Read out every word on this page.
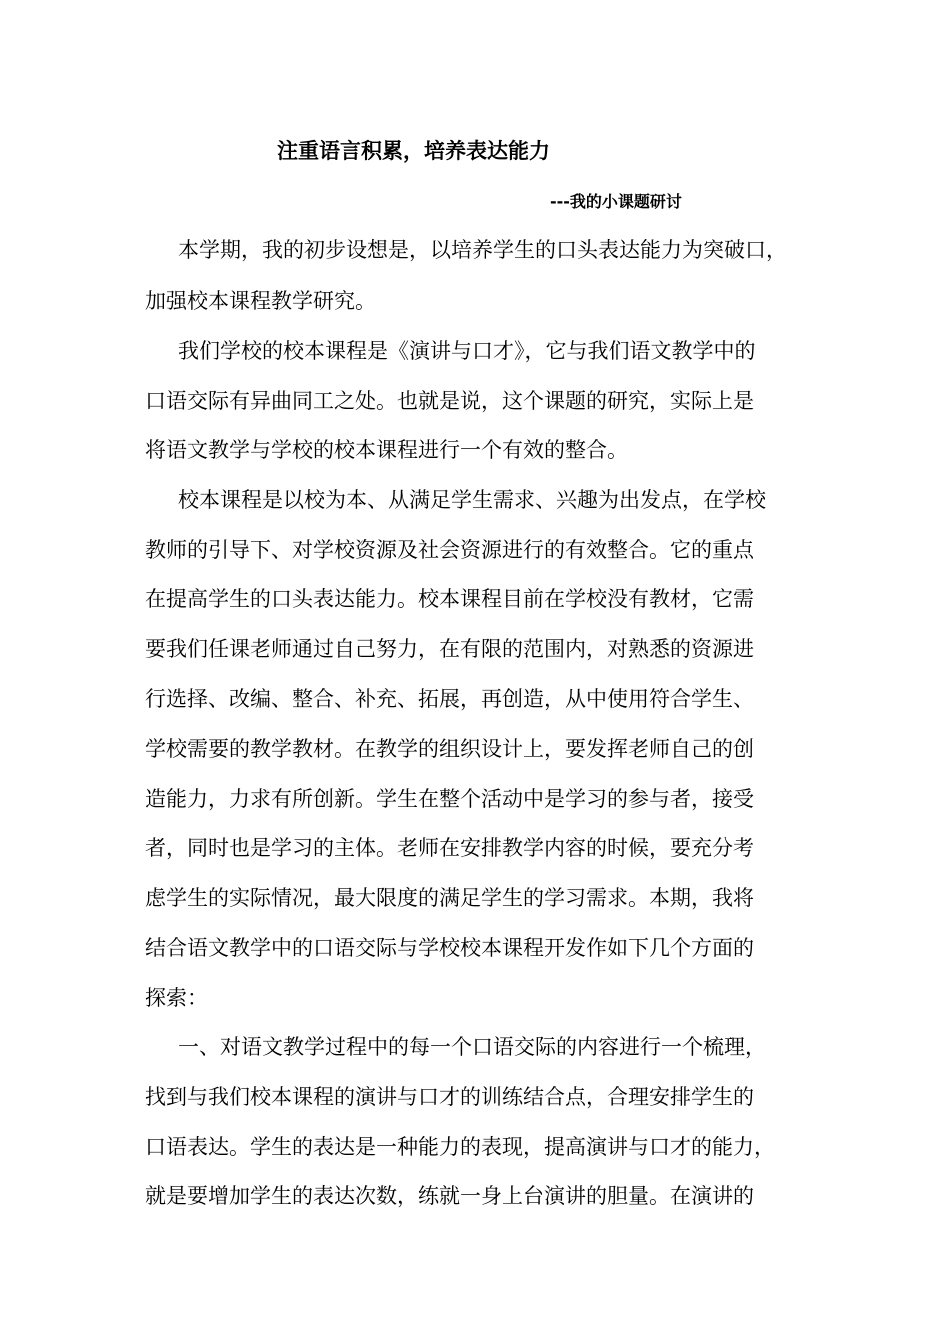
注重语言积累，培养表达能力
---我的小课题研讨
本学期，我的初步设想是，以培养学生的口头表达能力为突破口，
加强校本课程教学研究。
我们学校的校本课程是《演讲与口才》，它与我们语文教学中的
口语交际有异曲同工之处。也就是说，这个课题的研究，实际上是
将语文教学与学校的校本课程进行一个有效的整合。
校本课程是以校为本、从满足学生需求、兴趣为出发点，在学校
教师的引导下、对学校资源及社会资源进行的有效整合。它的重点
在提高学生的口头表达能力。校本课程目前在学校没有教材，它需
要我们任课老师通过自己努力，在有限的范围内，对熟悉的资源进
行选择、改编、整合、补充、拓展，再创造，从中使用符合学生、
学校需要的教学教材。在教学的组织设计上，要发挥老师自己的创
造能力，力求有所创新。学生在整个活动中是学习的参与者，接受
者，同时也是学习的主体。老师在安排教学内容的时候，要充分考
虑学生的实际情况，最大限度的满足学生的学习需求。本期，我将
结合语文教学中的口语交际与学校校本课程开发作如下几个方面的
探索：
一、对语文教学过程中的每一个口语交际的内容进行一个梳理，
找到与我们校本课程的演讲与口才的训练结合点，合理安排学生的
口语表达。学生的表达是一种能力的表现，提高演讲与口才的能力，
就是要增加学生的表达次数，练就一身上台演讲的胆量。在演讲的
